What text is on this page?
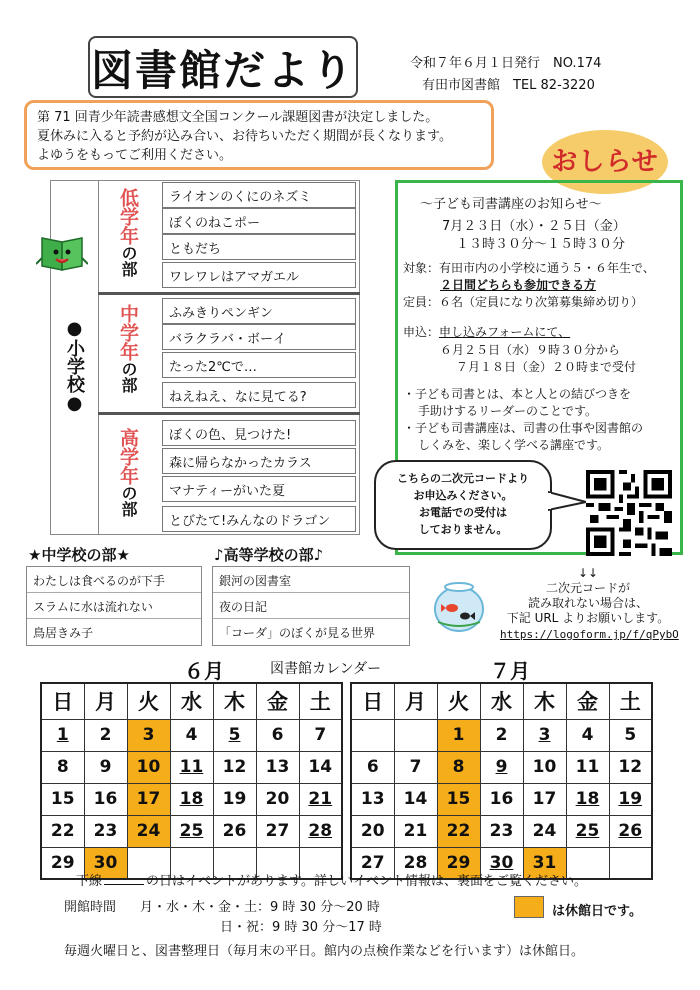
図書館だより	令和７年６月１日発行　NO.174
有田市図書館　TEL 82-3220
第 71 回青少年読書感想文全国コンクール課題図書が決定しました。
夏休みに入ると予約が込み合い、お待ちいただく期間が長くなります。
よゆうをもってご利用ください。	おしらせ
●小学校●
低学年
の部
ライオンのくにのネズミ
ぼくのねこポー
ともだち
ワレワレはアマガエル
中学年
の部
ふみきりペンギン
バラクラバ・ボーイ
たった2℃で…
ねえねえ、なに見てる?
高学年
の部
ぼくの色、見つけた!
森に帰らなかったカラス
マナティーがいた夏
とびたて!みんなのドラゴン
～子ども司書講座のお知らせ～
7月２３日（水）・２５日（金）
１３時３０分～１５時３０分
対象：有田市内の小学校に通う５・６年生で、
２日間どちらも参加できる方
定員：６名（定員になり次第募集締め切り）
申込：申し込みフォームにて、
６月２５日（水）９時３０分から
７月１８日（金）２０時まで受付
・子ども司書とは、本と人との結びつきを
手助けするリーダーのことです。
・子ども司書講座は、司書の仕事や図書館の
しくみを、楽しく学べる講座です。
こちらの二次元コードより
お申込みください。
お電話での受付は
しておりません。
★中学校の部★
わたしは食べるのが下手
スラムに水は流れない
鳥居きみ子
♪高等学校の部♪
銀河の図書室
夜の日記
「コーダ」のぼくが見る世界
↓↓
二次元コードが
読み取れない場合は、
下記 URL よりお願いします。
https://logoform.jp/f/qPybO
６月	図書館カレンダー	７月
日	月	火	水	木	金	土
1	2	3	4	5	6	7
8	9	10	11	12	13	14
15	16	17	18	19	20	21
22	23	24	25	26	27	28
29	30					
日	月	火	水	木	金	土
		1	2	3	4	5
6	7	8	9	10	11	12
13	14	15	16	17	18	19
20	21	22	23	24	25	26
27	28	29	30	31		
下線	の日はイベントがあります。詳しいイベント情報は、裏面をご覧ください。
開館時間 月・水・木・金・土：9 時 30 分～20 時
日・祝：9 時 30 分～17 時
は休館日です。
毎週火曜日と、図書整理日（毎月末の平日。館内の点検作業などを行います）は休館日。
